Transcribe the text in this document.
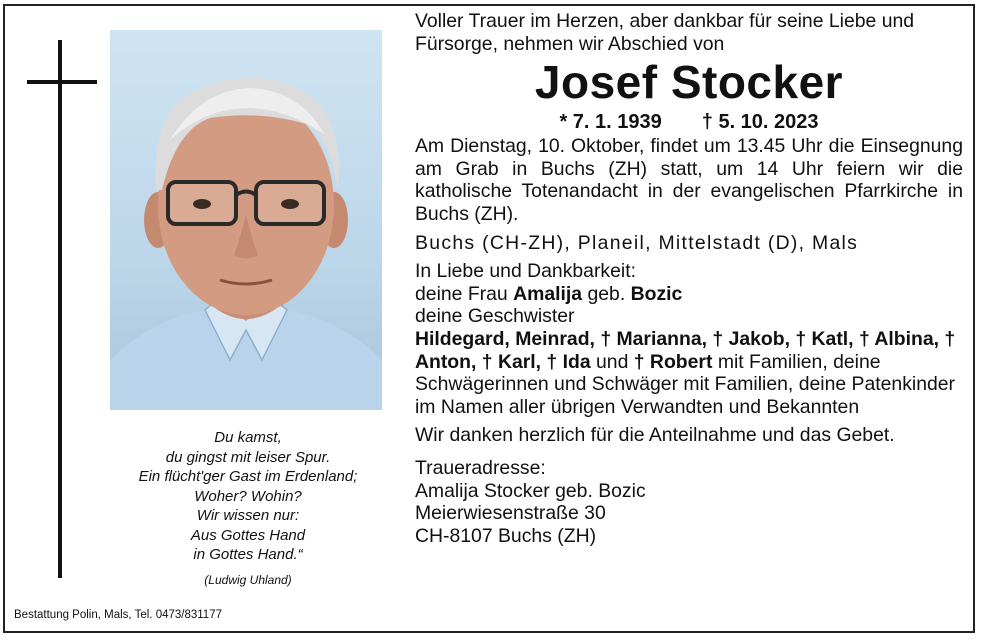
Du kamst,
du gingst mit leiser Spur.
Ein flücht'ger Gast im Erdenland;
Woher? Wohin?
Wir wissen nur:
Aus Gottes Hand
in Gottes Hand.“
(Ludwig Uhland)
Bestattung Polin, Mals, Tel. 0473/831177

Voller Trauer im Herzen, aber dankbar für seine Liebe und Fürsorge, nehmen wir Abschied von

Josef Stocker

* 7. 1. 1939 † 5. 10. 2023

Am Dienstag, 10. Oktober, findet um 13.45 Uhr die Einsegnung am Grab in Buchs (ZH) statt, um 14 Uhr feiern wir die katholische Totenandacht in der evangelischen Pfarrkirche in Buchs (ZH).

Buchs (CH-ZH), Planeil, Mittelstadt (D), Mals

In Liebe und Dankbarkeit:

deine Frau Amalija geb. Bozic

deine Geschwister

Hildegard, Meinrad, † Marianna, † Jakob, † Katl, † Albina, † Anton, † Karl, † Ida und † Robert mit Familien, deine Schwägerinnen und Schwäger mit Familien, deine Patenkinder

im Namen aller übrigen Verwandten und Bekannten

Wir danken herzlich für die Anteilnahme und das Gebet.

Traueradresse:

Amalija Stocker geb. Bozic

Meierwiesenstraße 30

CH-8107 Buchs (ZH)
